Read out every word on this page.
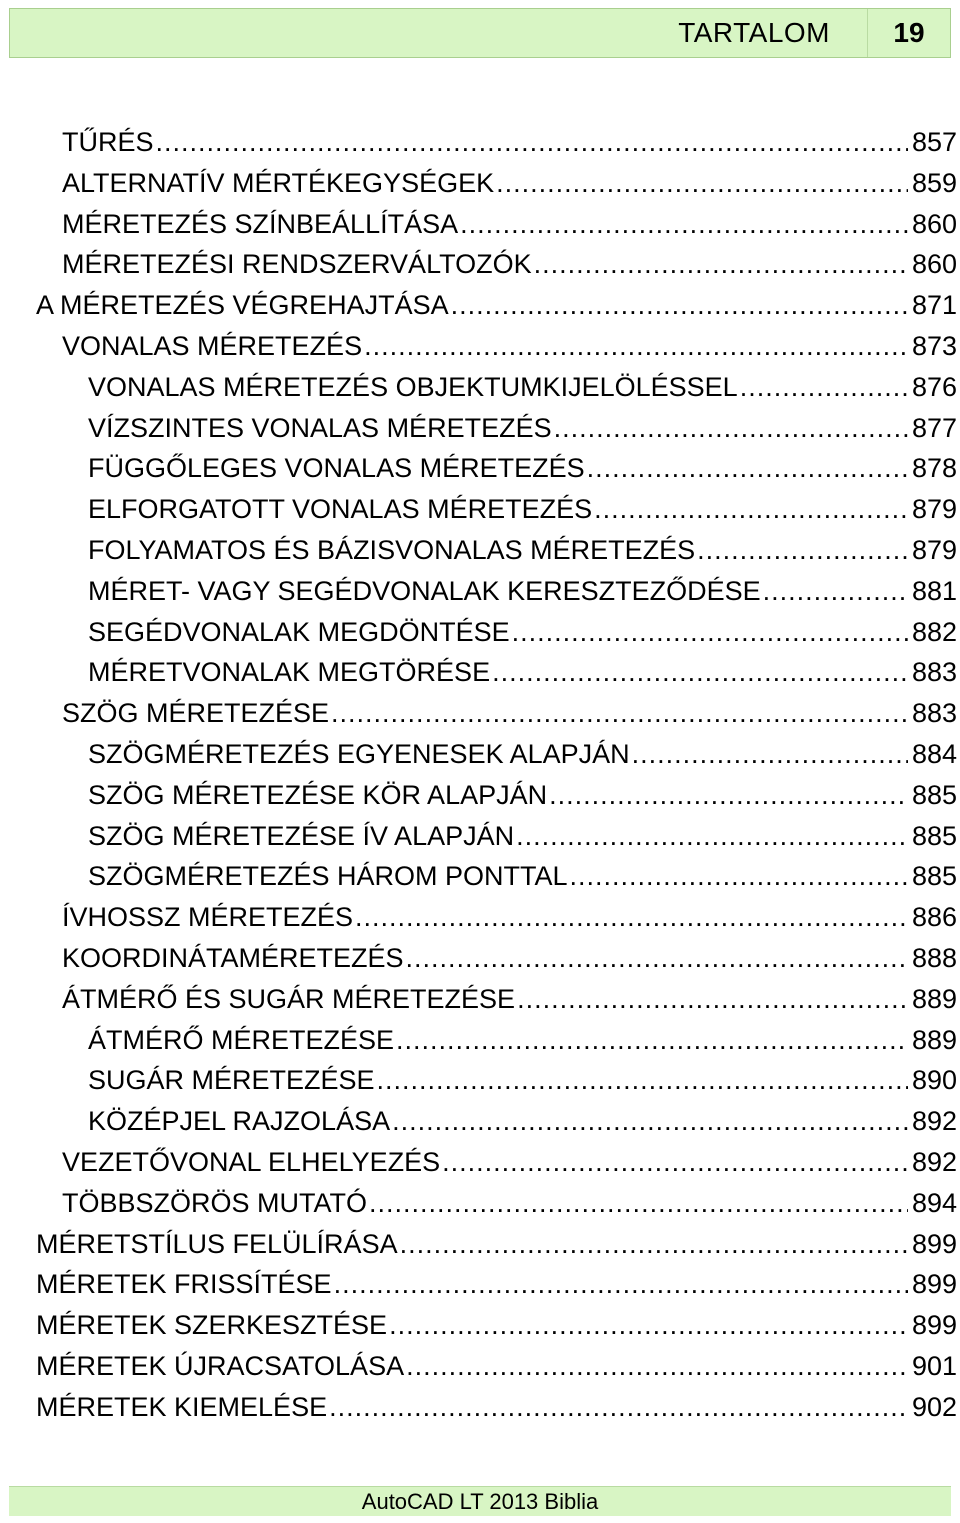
TARTALOM	19
TŰRÉS .....	857
ALTERNATÍV MÉRTÉKEGYSÉGEK .....	859
MÉRETEZÉS SZÍNBEÁLLÍTÁSA .....	860
MÉRETEZÉSI RENDSZERVÁLTOZÓK .....	860
A MÉRETEZÉS VÉGREHAJTÁSA .....	871
VONALAS MÉRETEZÉS .....	873
VONALAS MÉRETEZÉS OBJEKTUMKIJELÖLÉSSEL .....	876
VÍZSZINTES VONALAS MÉRETEZÉS .....	877
FÜGGŐLEGES VONALAS MÉRETEZÉS .....	878
ELFORGATOTT VONALAS MÉRETEZÉS .....	879
FOLYAMATOS ÉS BÁZISVONALAS MÉRETEZÉS .....	879
MÉRET- VAGY SEGÉDVONALAK KERESZTEZŐDÉSE .....	881
SEGÉDVONALAK MEGDÖNTÉSE .....	882
MÉRETVONALAK MEGTÖRÉSE .....	883
SZÖG MÉRETEZÉSE .....	883
SZÖGMÉRETEZÉS EGYENESEK ALAPJÁN .....	884
SZÖG MÉRETEZÉSE KÖR ALAPJÁN .....	885
SZÖG MÉRETEZÉSE ÍV ALAPJÁN .....	885
SZÖGMÉRETEZÉS HÁROM PONTTAL .....	885
ÍVHOSSZ MÉRETEZÉS .....	886
KOORDINÁTAMÉRETEZÉS .....	888
ÁTMÉRŐ ÉS SUGÁR MÉRETEZÉSE .....	889
ÁTMÉRŐ MÉRETEZÉSE .....	889
SUGÁR MÉRETEZÉSE .....	890
KÖZÉPJEL RAJZOLÁSA .....	892
VEZETŐVONAL ELHELYEZÉS .....	892
TÖBBSZÖRÖS MUTATÓ .....	894
MÉRETSTÍLUS FELÜLÍRÁSA .....	899
MÉRETEK FRISSÍTÉSE .....	899
MÉRETEK SZERKESZTÉSE .....	899
MÉRETEK ÚJRACSATOLÁSA .....	901
MÉRETEK KIEMELÉSE .....	902
AutoCAD LT 2013 Biblia
